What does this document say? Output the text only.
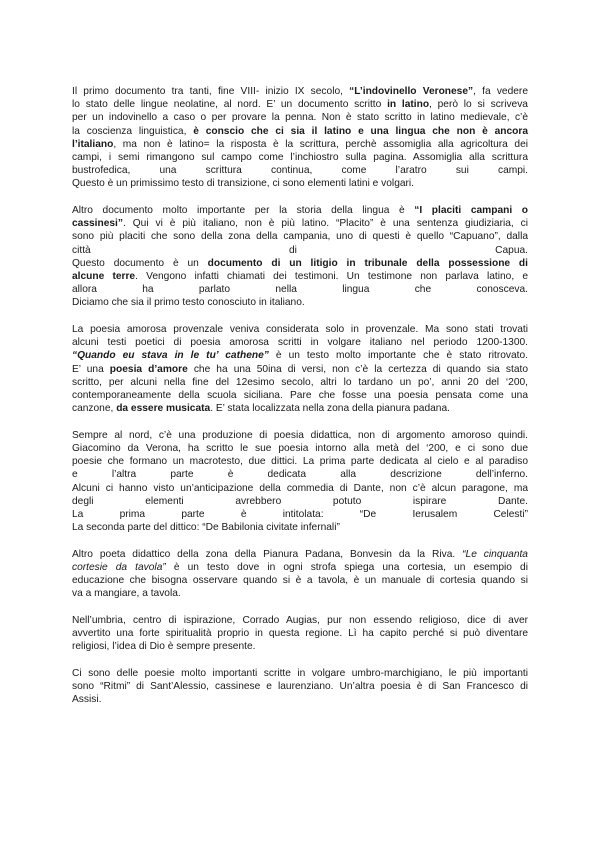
Il primo documento tra tanti, fine VIII- inizio IX secolo, “L’indovinello Veronese”, fa vedere
lo stato delle lingue neolatine, al nord. E’ un documento scritto in latino, però lo si scriveva
per un indovinello a caso o per provare la penna. Non è stato scritto in latino medievale, c’è
la coscienza linguistica, è conscio che ci sia il latino e una lingua che non è ancora
l’italiano, ma non è latino= la risposta è la scrittura, perchè assomiglia alla agricoltura dei
campi, i semi rimangono sul campo come l’inchiostro sulla pagina. Assomiglia alla scrittura
bustrofedica, una scrittura continua, come l’aratro sui campi.
Questo è un primissimo testo di transizione, ci sono elementi latini e volgari.
Altro documento molto importante per la storia della lingua è “I placiti campani o
cassinesi”. Qui vi è più italiano, non è più latino. “Placito” è una sentenza giudiziaria, ci
sono più placiti che sono della zona della campania, uno di questi è quello “Capuano”, dalla
città di Capua.
Questo documento è un documento di un litigio in tribunale della possessione di
alcune terre. Vengono infatti chiamati dei testimoni. Un testimone non parlava latino, e
allora ha parlato nella lingua che conosceva.
Diciamo che sia il primo testo conosciuto in italiano.
La poesia amorosa provenzale veniva considerata solo in provenzale. Ma sono stati trovati
alcuni testi poetici di poesia amorosa scritti in volgare italiano nel periodo 1200-1300.
“Quando eu stava in le tu’ cathene” è un testo molto importante che è stato ritrovato.
E’ una poesia d’amore che ha una 50ina di versi, non c’è la certezza di quando sia stato
scritto, per alcuni nella fine del 12esimo secolo, altri lo tardano un po’, anni 20 del ‘200,
contemporaneamente della scuola siciliana. Pare che fosse una poesia pensata come una
canzone, da essere musicata. E’ stata localizzata nella zona della pianura padana.
Sempre al nord, c’è una produzione di poesia didattica, non di argomento amoroso quindi.
Giacomino da Verona, ha scritto le sue poesia intorno alla metà del ‘200, e ci sono due
poesie che formano un macrotesto, due dittici. La prima parte dedicata al cielo e al paradiso
e l’altra parte è dedicata alla descrizione dell’inferno.
Alcuni ci hanno visto un’anticipazione della commedia di Dante, non c’è alcun paragone, ma
degli elementi avrebbero potuto ispirare Dante.
La prima parte è intitolata: “De Ierusalem Celesti”
La seconda parte del dittico: “De Babilonia civitate infernali”
Altro poeta didattico della zona della Pianura Padana, Bonvesin da la Riva. “Le cinquanta
cortesie da tavola” è un testo dove in ogni strofa spiega una cortesia, un esempio di
educazione che bisogna osservare quando si è a tavola, è un manuale di cortesia quando si
va a mangiare, a tavola.
Nell’umbria, centro di ispirazione, Corrado Augias, pur non essendo religioso, dice di aver
avvertito una forte spiritualità proprio in questa regione. Lì ha capito perché si può diventare
religiosi, l’idea di Dio è sempre presente.
Ci sono delle poesie molto importanti scritte in volgare umbro-marchigiano, le più importanti
sono “Ritmi” di Sant’Alessio, cassinese e laurenziano. Un’altra poesia è di San Francesco di
Assisi.
